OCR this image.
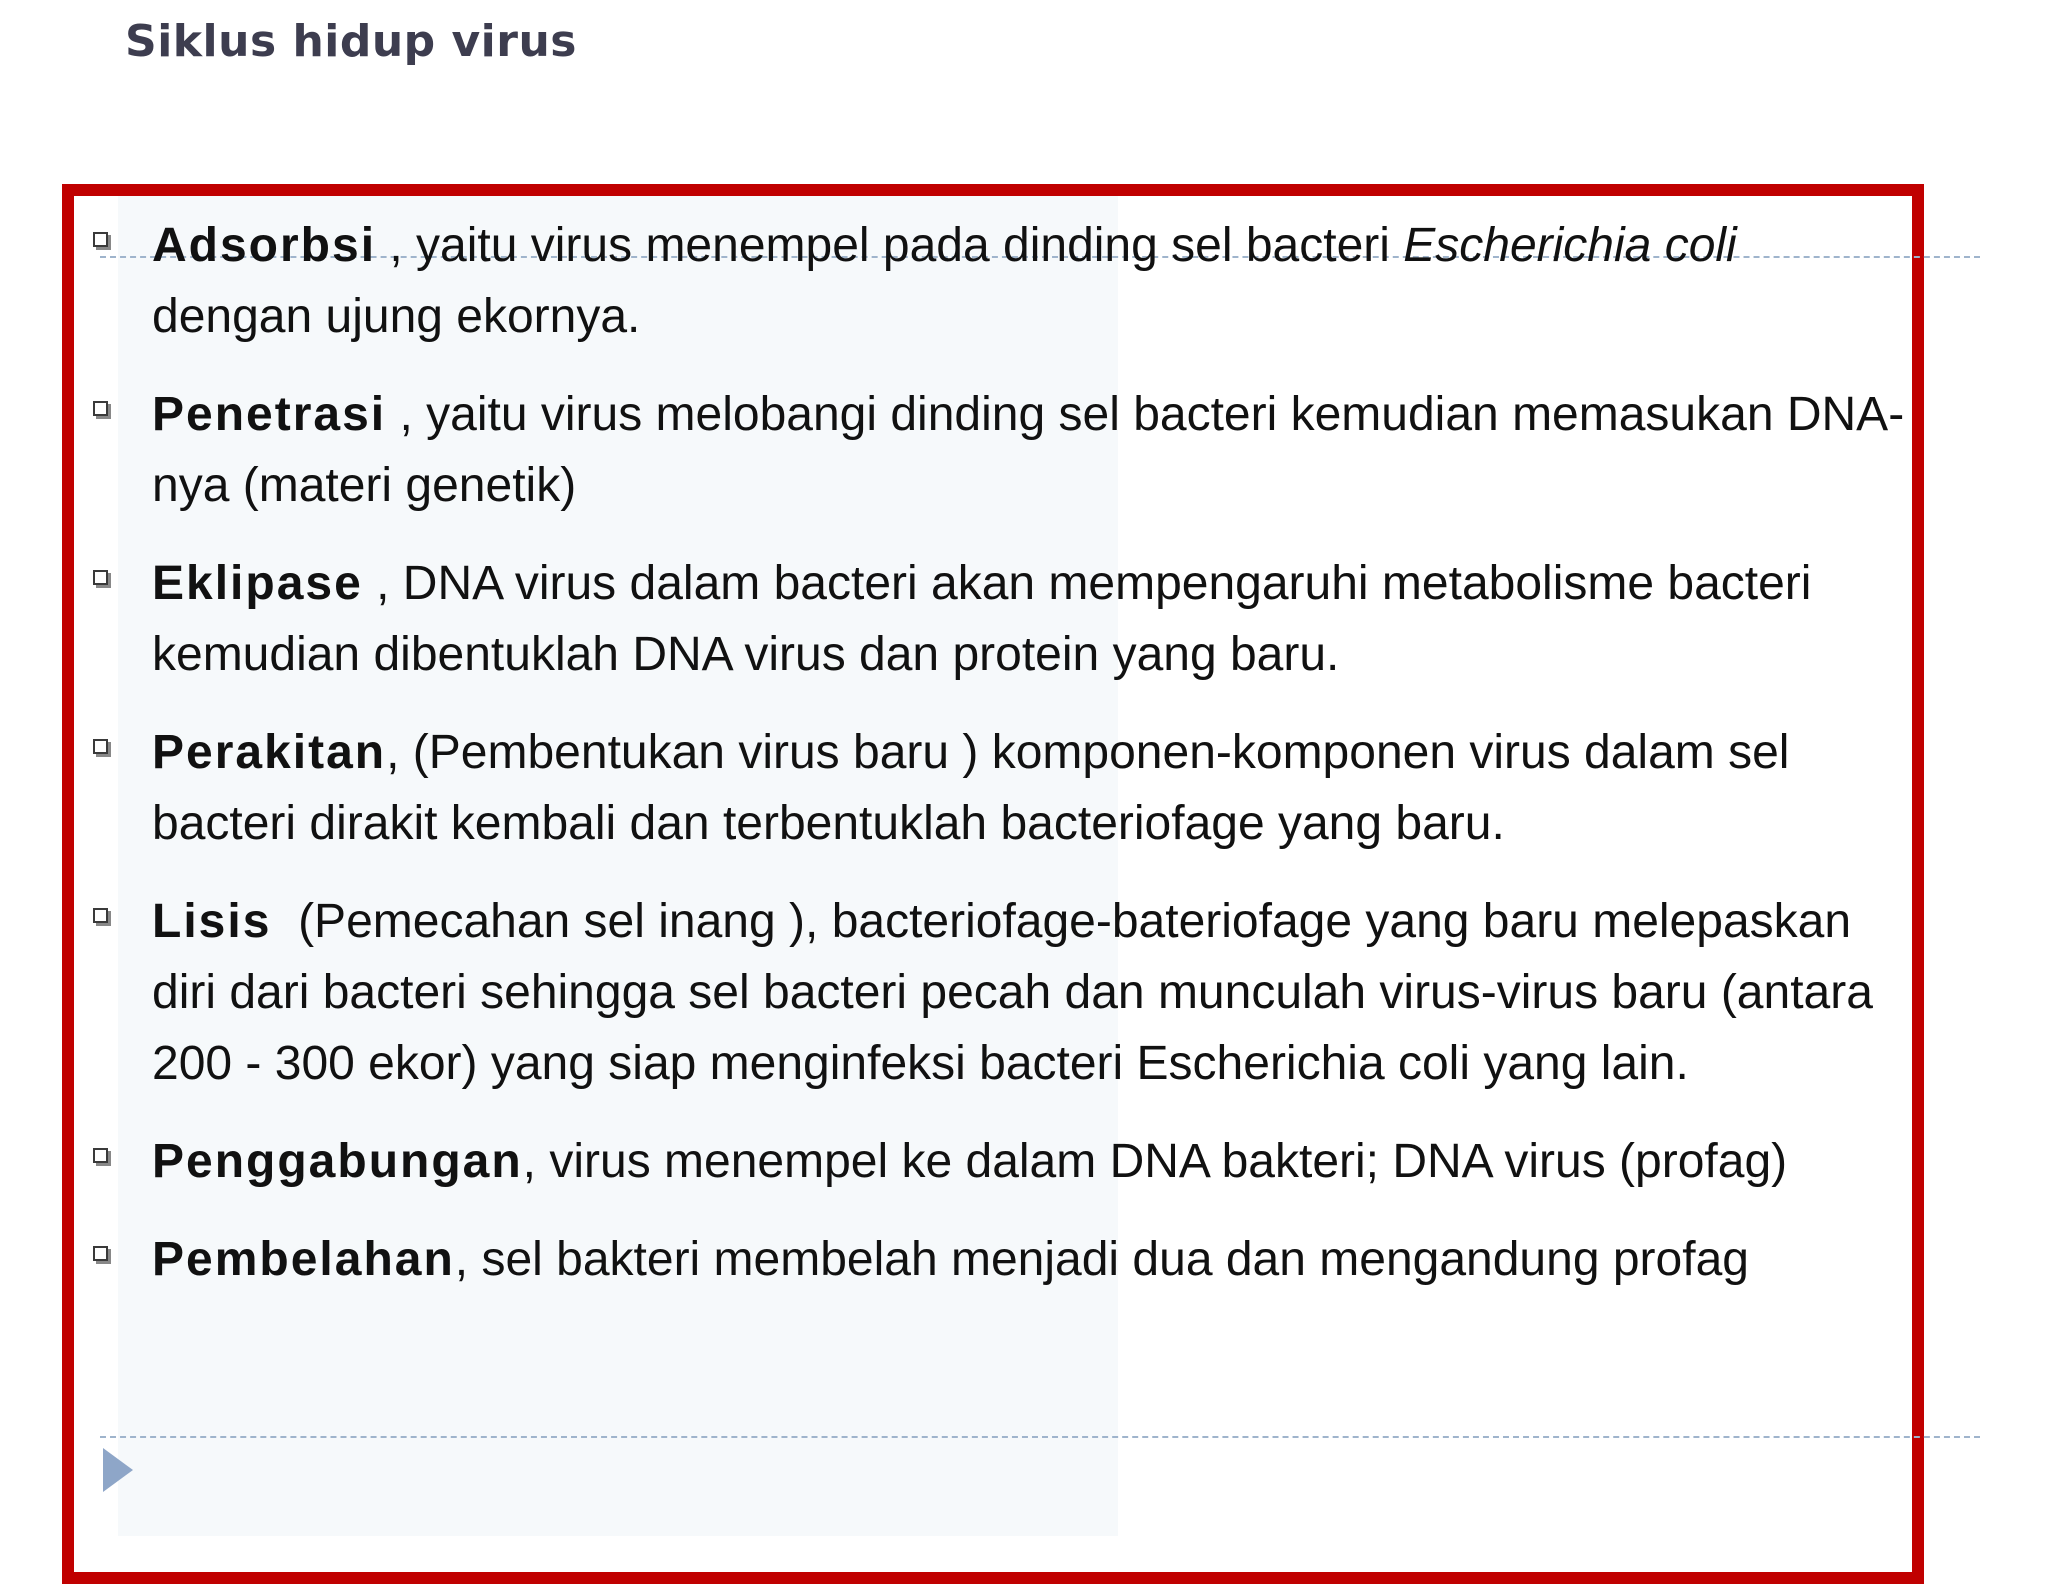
Siklus hidup virus
Adsorbsi , yaitu virus menempel pada dinding sel bacteri Escherichia coli dengan ujung ekornya.
Penetrasi , yaitu virus melobangi dinding sel bacteri kemudian memasukan DNA-nya (materi genetik)
Eklipase , DNA virus dalam bacteri akan mempengaruhi metabolisme bacteri kemudian dibentuklah DNA virus dan protein yang baru.
Perakitan, (Pembentukan virus baru ) komponen-komponen virus dalam sel bacteri dirakit kembali dan terbentuklah bacteriofage yang baru.
Lisis  (Pemecahan sel inang ), bacteriofage-bateriofage yang baru melepaskan diri dari bacteri sehingga sel bacteri pecah dan munculah virus-virus baru (antara 200 - 300 ekor) yang siap menginfeksi bacteri Escherichia coli yang lain.
Penggabungan, virus menempel ke dalam DNA bakteri; DNA virus (profag)
Pembelahan, sel bakteri membelah menjadi dua dan mengandung profag
